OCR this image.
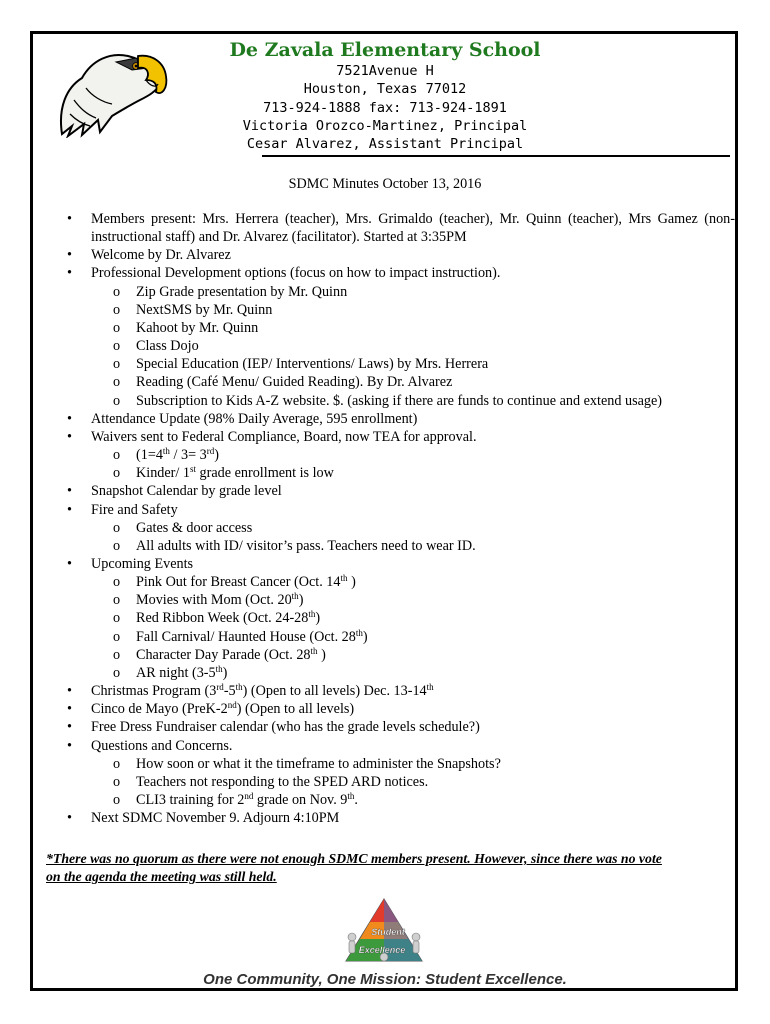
De Zavala Elementary School
7521Avenue H
Houston, Texas 77012
713-924-1888 fax: 713-924-1891
Victoria Orozco-Martinez, Principal
Cesar Alvarez, Assistant Principal
SDMC Minutes October 13, 2016
• Members present: Mrs. Herrera (teacher), Mrs. Grimaldo (teacher), Mr. Quinn (teacher), Mrs Gamez (non-instructional staff) and Dr. Alvarez (facilitator). Started at 3:35PM
• Welcome by Dr. Alvarez
• Professional Development options (focus on how to impact instruction).
o Zip Grade presentation by Mr. Quinn
o NextSMS by Mr. Quinn
o Kahoot by Mr. Quinn
o Class Dojo
o Special Education (IEP/ Interventions/ Laws) by Mrs. Herrera
o Reading (Café Menu/ Guided Reading). By Dr. Alvarez
o Subscription to Kids A-Z website. $. (asking if there are funds to continue and extend usage)
• Attendance Update (98% Daily Average, 595 enrollment)
• Waivers sent to Federal Compliance, Board, now TEA for approval.
o (1=4th / 3= 3rd)
o Kinder/ 1st grade enrollment is low
• Snapshot Calendar by grade level
• Fire and Safety
o Gates & door access
o All adults with ID/ visitor’s pass. Teachers need to wear ID.
• Upcoming Events
o Pink Out for Breast Cancer (Oct. 14th )
o Movies with Mom (Oct. 20th)
o Red Ribbon Week (Oct. 24-28th)
o Fall Carnival/ Haunted House (Oct. 28th)
o Character Day Parade (Oct. 28th )
o AR night (3-5th)
• Christmas Program (3rd-5th) (Open to all levels) Dec. 13-14th
• Cinco de Mayo (PreK-2nd) (Open to all levels)
• Free Dress Fundraiser calendar (who has the grade levels schedule?)
• Questions and Concerns.
o How soon or what it the timeframe to administer the Snapshots?
o Teachers not responding to the SPED ARD notices.
o CLI3 training for 2nd grade on Nov. 9th.
• Next SDMC November 9. Adjourn 4:10PM
*There was no quorum as there were not enough SDMC members present. However, since there was no vote
on the agenda the meeting was still held.
Student
Excellence
One Community, One Mission: Student Excellence.
